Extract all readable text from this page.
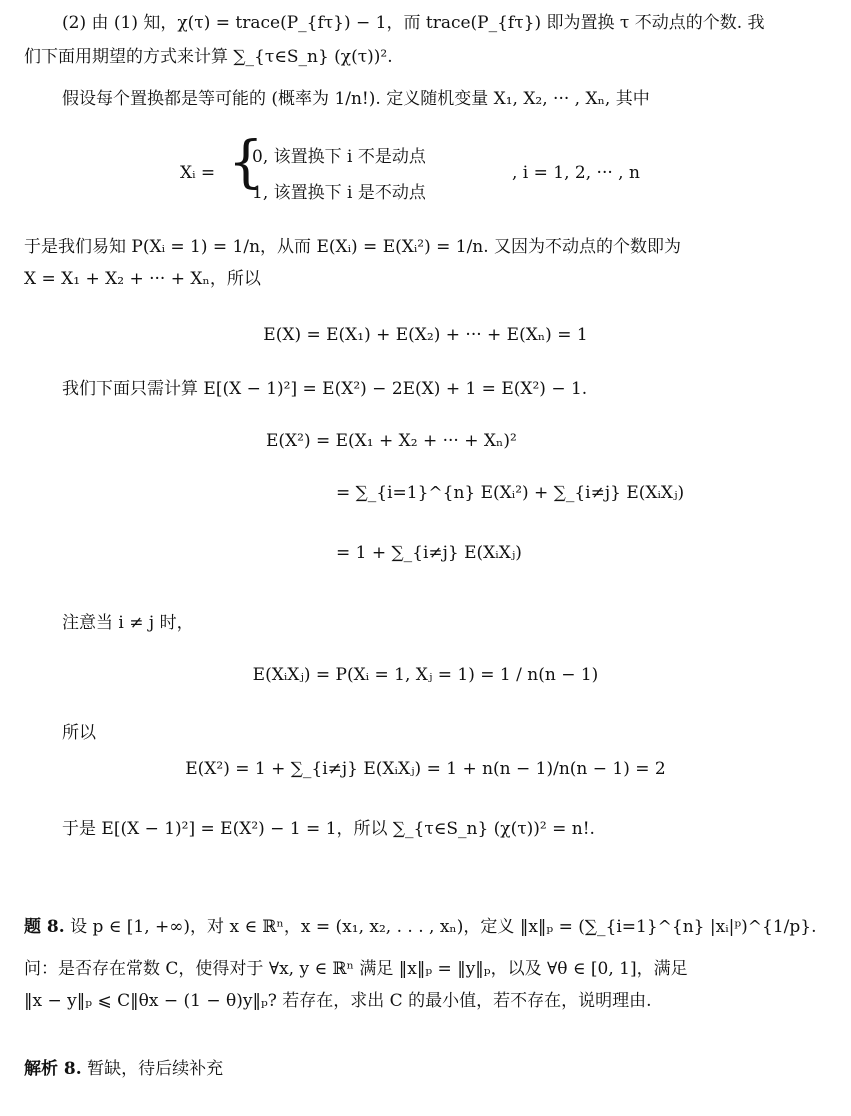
(2) 由 (1) 知，χ(τ) = trace(P_{fτ}) − 1，而 trace(P_{fτ}) 即为置换 τ 不动点的个数. 我
们下面用期望的方式来计算 ∑_{τ∈S_n} (χ(τ))².
假设每个置换都是等可能的 (概率为 1/n!). 定义随机变量 X₁, X₂, ··· , Xₙ, 其中
Xᵢ = {
0, 该置换下 i 不是动点
1, 该置换下 i 是不动点
, i = 1, 2, ··· , n
于是我们易知 P(Xᵢ = 1) = 1/n，从而 E(Xᵢ) = E(Xᵢ²) = 1/n. 又因为不动点的个数即为
X = X₁ + X₂ + ··· + Xₙ，所以
E(X) = E(X₁) + E(X₂) + ··· + E(Xₙ) = 1
我们下面只需计算 E[(X − 1)²] = E(X²) − 2E(X) + 1 = E(X²) − 1.
E(X²) = E(X₁ + X₂ + ··· + Xₙ)²
= ∑_{i=1}^{n} E(Xᵢ²) + ∑_{i≠j} E(XᵢXⱼ)
= 1 + ∑_{i≠j} E(XᵢXⱼ)
注意当 i ≠ j 时，
E(XᵢXⱼ) = P(Xᵢ = 1, Xⱼ = 1) = 1 / n(n − 1)
所以
E(X²) = 1 + ∑_{i≠j} E(XᵢXⱼ) = 1 + n(n − 1)/n(n − 1) = 2
于是 E[(X − 1)²] = E(X²) − 1 = 1，所以 ∑_{τ∈S_n} (χ(τ))² = n!.
题 8. 设 p ∈ [1, +∞)，对 x ∈ ℝⁿ，x = (x₁, x₂, . . . , xₙ)，定义 ‖x‖ₚ = (∑_{i=1}^{n} |xᵢ|ᵖ)^{1/p}.
问：是否存在常数 C，使得对于 ∀x, y ∈ ℝⁿ 满足 ‖x‖ₚ = ‖y‖ₚ，以及 ∀θ ∈ [0, 1]，满足
‖x − y‖ₚ ⩽ C‖θx − (1 − θ)y‖ₚ? 若存在，求出 C 的最小值，若不存在，说明理由.
解析 8. 暂缺，待后续补充
